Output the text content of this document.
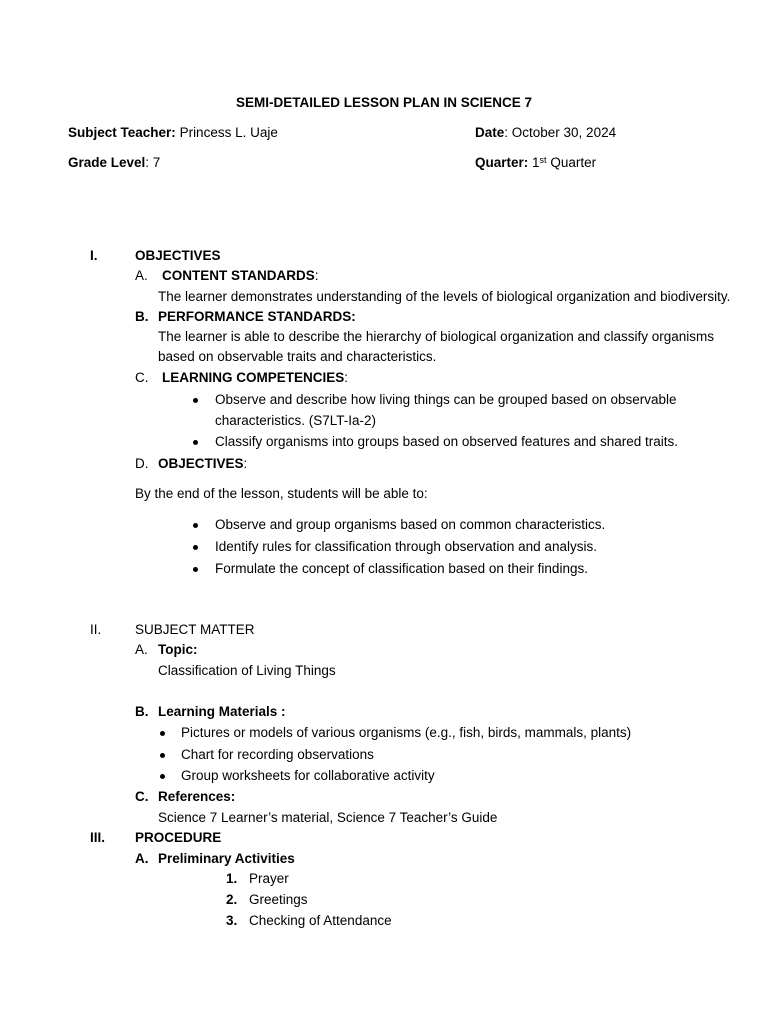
SEMI-DETAILED LESSON PLAN IN SCIENCE 7
Subject Teacher: Princess L. Uaje	Date: October 30, 2024
Grade Level: 7	Quarter: 1st Quarter
I.	OBJECTIVES
A. CONTENT STANDARDS:
The learner demonstrates understanding of the levels of biological organization and biodiversity.
B. PERFORMANCE STANDARDS:
The learner is able to describe the hierarchy of biological organization and classify organisms
based on observable traits and characteristics.
C. LEARNING COMPETENCIES:
Observe and describe how living things can be grouped based on observable
characteristics. (S7LT-Ia-2)
Classify organisms into groups based on observed features and shared traits.
D. OBJECTIVES:
By the end of the lesson, students will be able to:
Observe and group organisms based on common characteristics.
Identify rules for classification through observation and analysis.
Formulate the concept of classification based on their findings.
II. SUBJECT MATTER
A. Topic:
Classification of Living Things
B. Learning Materials :
Pictures or models of various organisms (e.g., fish, birds, mammals, plants)
Chart for recording observations
Group worksheets for collaborative activity
C. References:
Science 7 Learner’s material, Science 7 Teacher’s Guide
III. PROCEDURE
A. Preliminary Activities
1. Prayer
2. Greetings
3. Checking of Attendance
